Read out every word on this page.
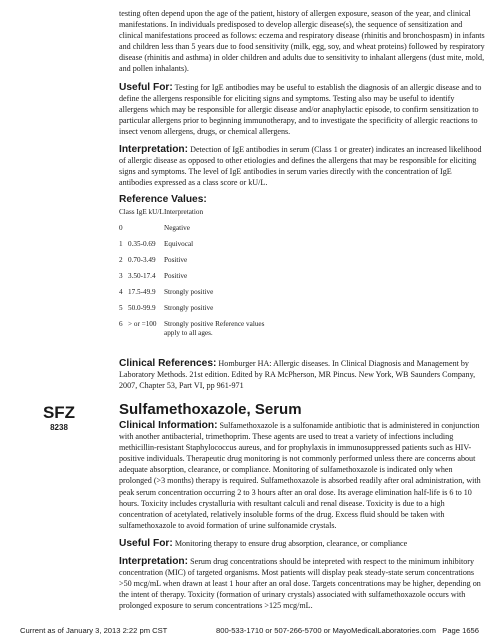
testing often depend upon the age of the patient, history of allergen exposure, season of the year, and clinical manifestations. In individuals predisposed to develop allergic disease(s), the sequence of sensitization and clinical manifestations proceed as follows: eczema and respiratory disease (rhinitis and bronchospasm) in infants and children less than 5 years due to food sensitivity (milk, egg, soy, and wheat proteins) followed by respiratory disease (rhinitis and asthma) in older children and adults due to sensitivity to inhalant allergens (dust mite, mold, and pollen inhalants).

Useful For: Testing for IgE antibodies may be useful to establish the diagnosis of an allergic disease and to define the allergens responsible for eliciting signs and symptoms. Testing also may be useful to identify allergens which may be responsible for allergic disease and/or anaphylactic episode, to confirm sensitization to particular allergens prior to beginning immunotherapy, and to investigate the specificity of allergic reactions to insect venom allergens, drugs, or chemical allergens.

Interpretation: Detection of IgE antibodies in serum (Class 1 or greater) indicates an increased likelihood of allergic disease as opposed to other etiologies and defines the allergens that may be responsible for eliciting signs and symptoms. The level of IgE antibodies in serum varies directly with the concentration of IgE antibodies expressed as a class score or kU/L.

Reference Values:
Class IgE kU/L Interpretation
0	Negative
1 0.35-0.69	Equivocal
2 0.70-3.49	Positive
3 3.50-17.4	Positive
4 17.5-49.9	Strongly positive
5 50.0-99.9	Strongly positive
6 > or =100	Strongly positive Reference values apply to all ages.

Clinical References: Homburger HA: Allergic diseases. In Clinical Diagnosis and Management by Laboratory Methods. 21st edition. Edited by RA McPherson, MR Pincus. New York, WB Saunders Company, 2007, Chapter 53, Part VI, pp 961-971

SFZ
8238
Sulfamethoxazole, Serum

Clinical Information: Sulfamethoxazole is a sulfonamide antibiotic that is administered in conjunction with another antibacterial, trimethoprim. These agents are used to treat a variety of infections including methicillin-resistant Staphylococcus aureus, and for prophylaxis in immunosuppressed patients such as HIV-positive individuals. Therapeutic drug monitoring is not commonly performed unless there are concerns about adequate absorption, clearance, or compliance. Monitoring of sulfamethoxazole is indicated only when prolonged (>3 months) therapy is required. Sulfamethoxazole is absorbed readily after oral administration, with peak serum concentration occurring 2 to 3 hours after an oral dose. Its average elimination half-life is 6 to 10 hours. Toxicity includes crystalluria with resultant calculi and renal disease. Toxicity is due to a high concentration of acetylated, relatively insoluble forms of the drug. Excess fluid should be taken with sulfamethoxazole to avoid formation of urine sulfonamide crystals.

Useful For: Monitoring therapy to ensure drug absorption, clearance, or compliance

Interpretation: Serum drug concentrations should be intepreted with respect to the minimum inhibitory concentration (MIC) of targeted organisms. Most patients will display peak steady-state serum concentrations >50 mcg/mL when drawn at least 1 hour after an oral dose. Targets concentrations may be higher, depending on the intent of therapy. Toxicity (formation of urinary crystals) associated with sulfamethoxazole occurs with prolonged exposure to serum concentrations >125 mcg/mL.

Current as of January 3, 2013 2:22 pm CST	800-533-1710 or 507-266-5700 or MayoMedicalLaboratories.com Page 1656
